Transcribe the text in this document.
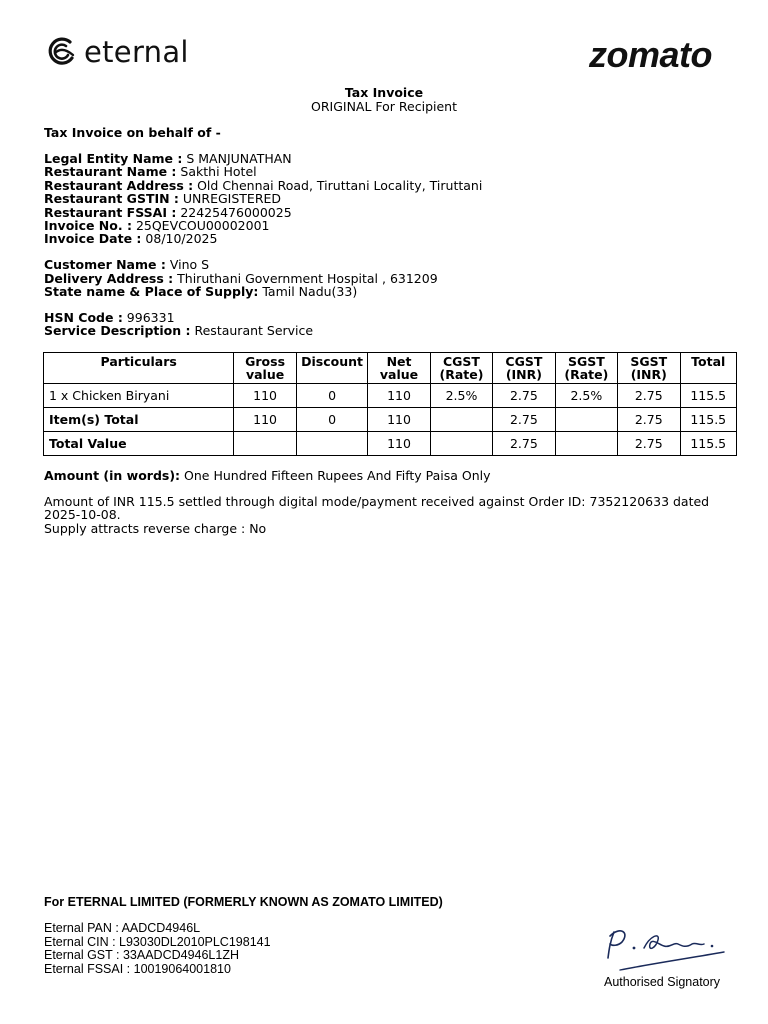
eternal	zomato
Tax Invoice
ORIGINAL For Recipient
Tax Invoice on behalf of -
Legal Entity Name : S MANJUNATHAN
Restaurant Name : Sakthi Hotel
Restaurant Address : Old Chennai Road, Tiruttani Locality, Tiruttani
Restaurant GSTIN : UNREGISTERED
Restaurant FSSAI : 22425476000025
Invoice No. : 25QEVCOU00002001
Invoice Date : 08/10/2025
Customer Name : Vino S
Delivery Address : Thiruthani Government Hospital , 631209
State name & Place of Supply: Tamil Nadu(33)
HSN Code : 996331
Service Description : Restaurant Service
Particulars	Gross value	Discount	Net value	CGST (Rate)	CGST (INR)	SGST (Rate)	SGST (INR)	Total
1 x Chicken Biryani	110	0	110	2.5%	2.75	2.5%	2.75	115.5
Item(s) Total	110	0	110		2.75		2.75	115.5
Total Value			110		2.75		2.75	115.5
Amount (in words): One Hundred Fifteen Rupees And Fifty Paisa Only
Amount of INR 115.5 settled through digital mode/payment received against Order ID: 7352120633 dated 2025-10-08.
Supply attracts reverse charge : No
For ETERNAL LIMITED (FORMERLY KNOWN AS ZOMATO LIMITED)
Eternal PAN : AADCD4946L
Eternal CIN : L93030DL2010PLC198141
Eternal GST : 33AADCD4946L1ZH
Eternal FSSAI : 10019064001810
Authorised Signatory
